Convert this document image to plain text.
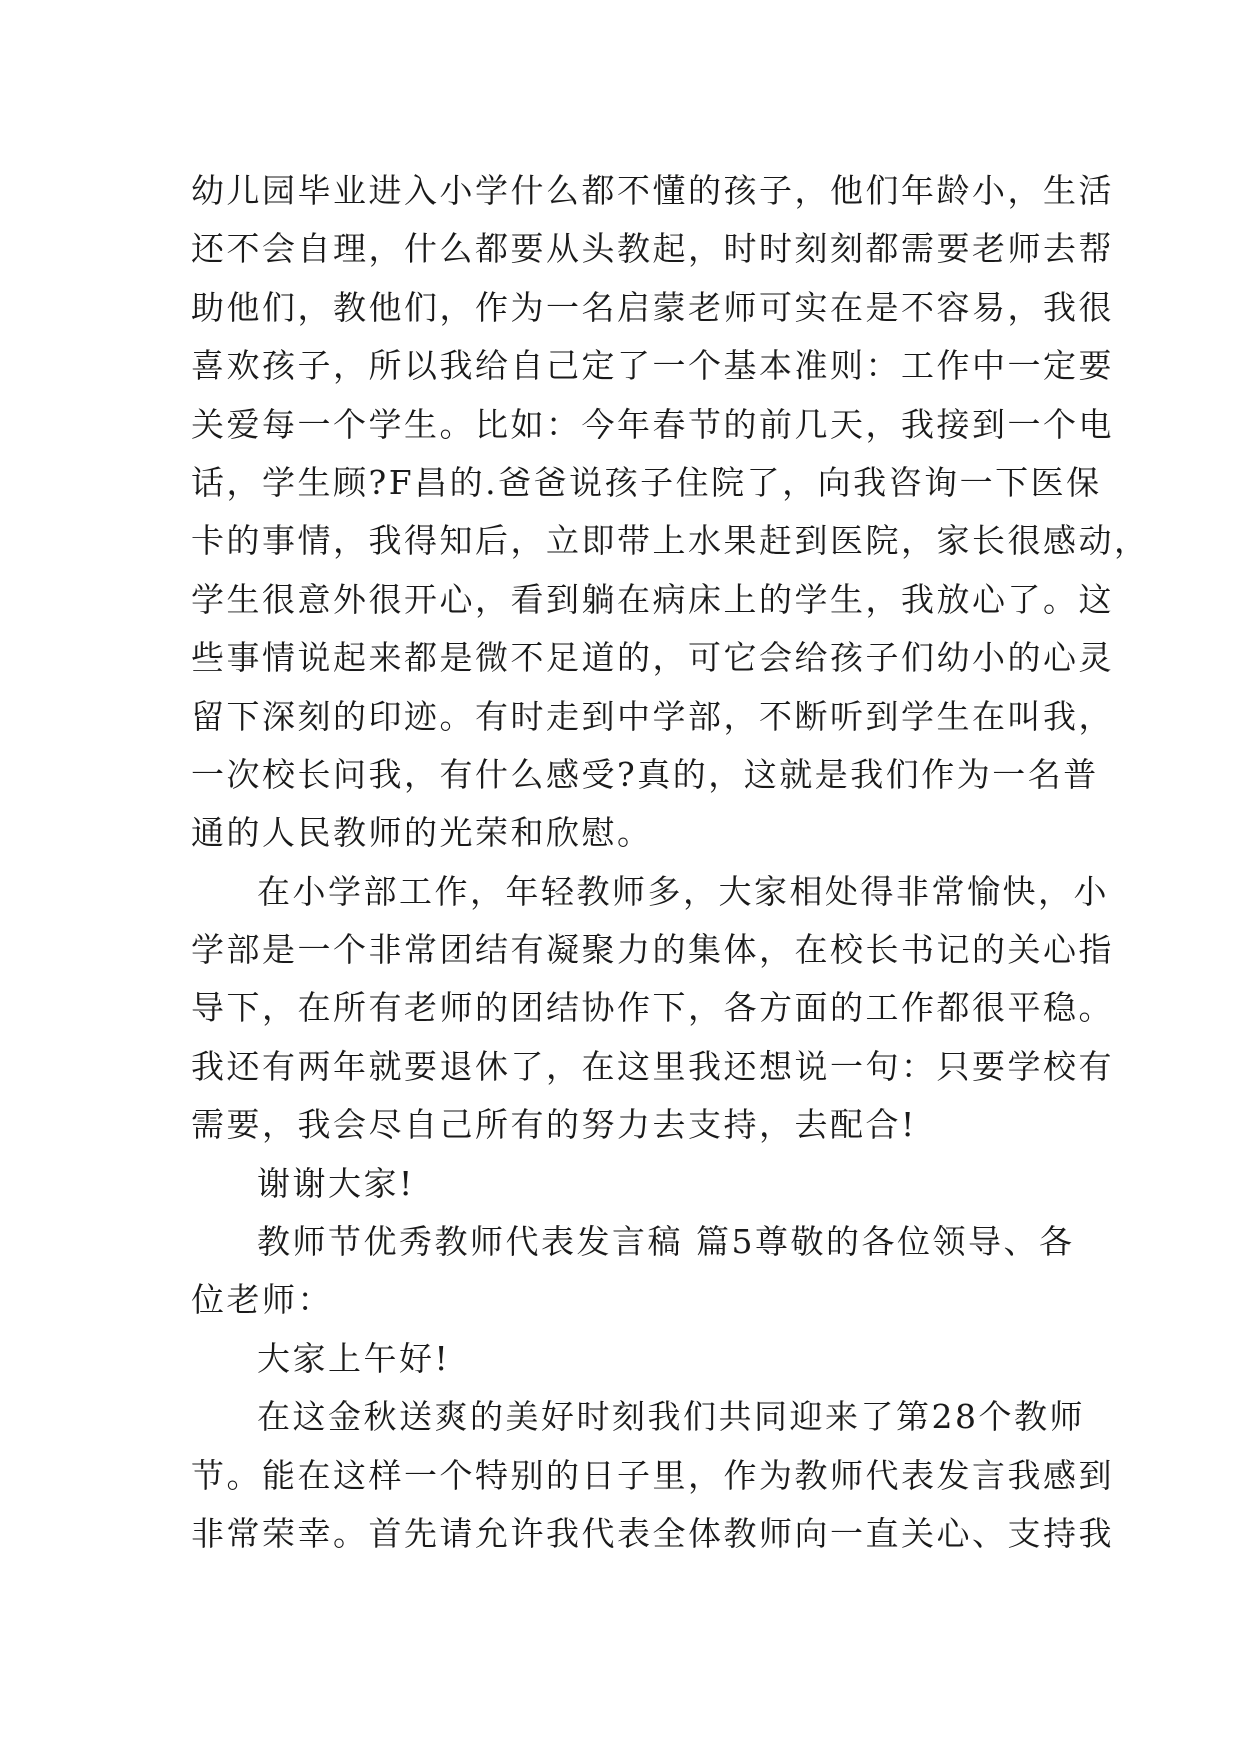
幼儿园毕业进入小学什么都不懂的孩子，他们年龄小，生活
还不会自理，什么都要从头教起，时时刻刻都需要老师去帮
助他们，教他们，作为一名启蒙老师可实在是不容易，我很
喜欢孩子，所以我给自己定了一个基本准则：工作中一定要
关爱每一个学生。比如：今年春节的前几天，我接到一个电
话，学生顾?F昌的.爸爸说孩子住院了，向我咨询一下医保
卡的事情，我得知后，立即带上水果赶到医院，家长很感动，
学生很意外很开心，看到躺在病床上的学生，我放心了。这
些事情说起来都是微不足道的，可它会给孩子们幼小的心灵
留下深刻的印迹。有时走到中学部，不断听到学生在叫我，
一次校长问我，有什么感受?真的，这就是我们作为一名普
通的人民教师的光荣和欣慰。
在小学部工作，年轻教师多，大家相处得非常愉快，小
学部是一个非常团结有凝聚力的集体，在校长书记的关心指
导下，在所有老师的团结协作下，各方面的工作都很平稳。
我还有两年就要退休了，在这里我还想说一句：只要学校有
需要，我会尽自己所有的努力去支持，去配合!
谢谢大家!
教师节优秀教师代表发言稿 篇5尊敬的各位领导、各
位老师：
大家上午好!
在这金秋送爽的美好时刻我们共同迎来了第28个教师
节。能在这样一个特别的日子里，作为教师代表发言我感到
非常荣幸。首先请允许我代表全体教师向一直关心、支持我
